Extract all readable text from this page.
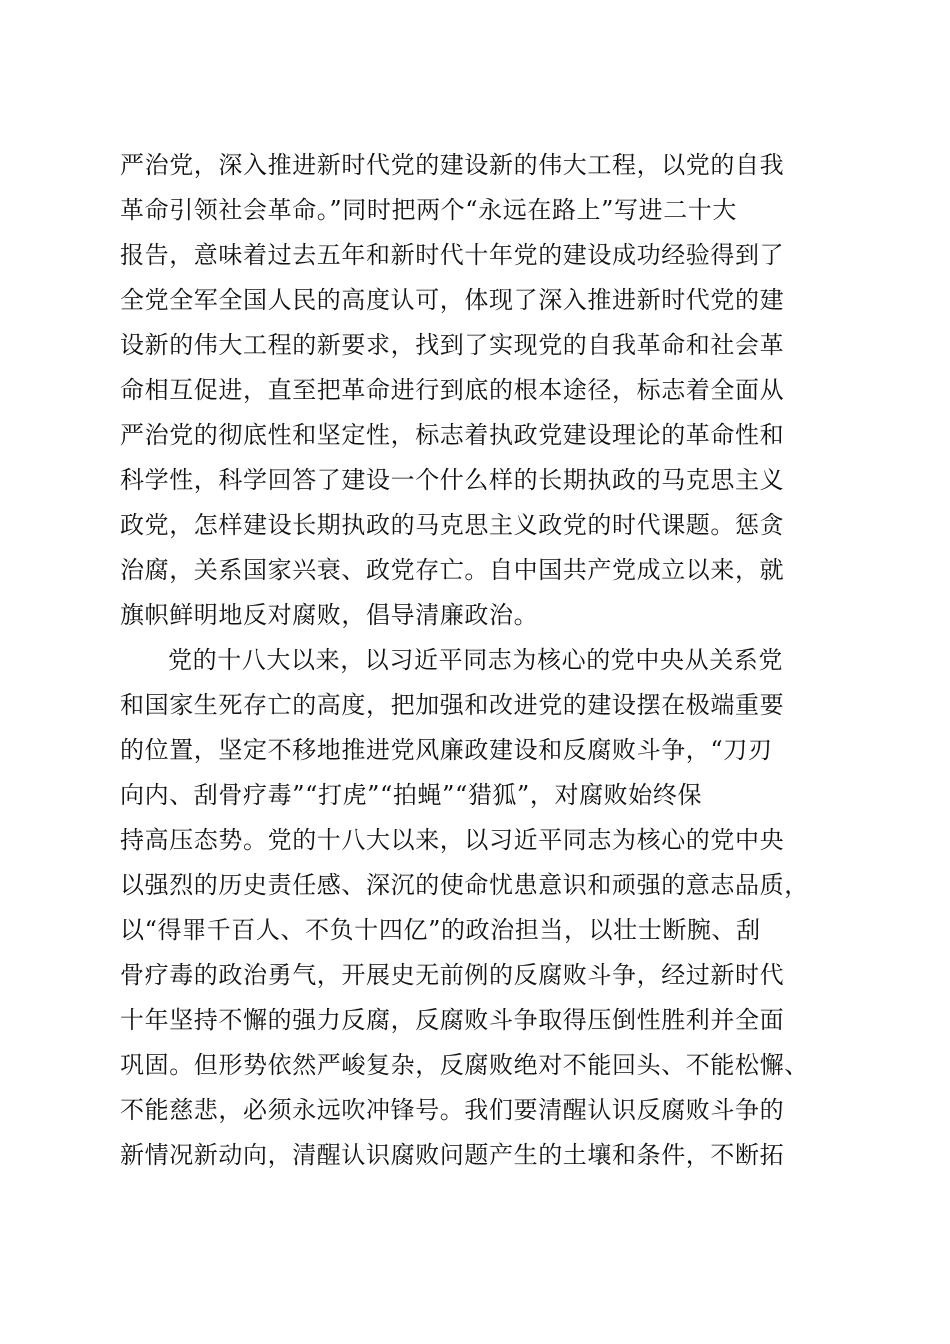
严治党，深入推进新时代党的建设新的伟大工程，以党的自我
革命引领社会革命。”同时把两个“永远在路上”写进二十大
报告，意味着过去五年和新时代十年党的建设成功经验得到了
全党全军全国人民的高度认可，体现了深入推进新时代党的建
设新的伟大工程的新要求，找到了实现党的自我革命和社会革
命相互促进，直至把革命进行到底的根本途径，标志着全面从
严治党的彻底性和坚定性，标志着执政党建设理论的革命性和
科学性，科学回答了建设一个什么样的长期执政的马克思主义
政党，怎样建设长期执政的马克思主义政党的时代课题。惩贪
治腐，关系国家兴衰、政党存亡。自中国共产党成立以来，就
旗帜鲜明地反对腐败，倡导清廉政治。
党的十八大以来，以习近平同志为核心的党中央从关系党
和国家生死存亡的高度，把加强和改进党的建设摆在极端重要
的位置，坚定不移地推进党风廉政建设和反腐败斗争，“刀刃
向内、刮骨疗毒”“打虎”“拍蝇”“猎狐”，对腐败始终保
持高压态势。党的十八大以来，以习近平同志为核心的党中央
以强烈的历史责任感、深沉的使命忧患意识和顽强的意志品质，
以“得罪千百人、不负十四亿”的政治担当，以壮士断腕、刮
骨疗毒的政治勇气，开展史无前例的反腐败斗争，经过新时代
十年坚持不懈的强力反腐，反腐败斗争取得压倒性胜利并全面
巩固。但形势依然严峻复杂，反腐败绝对不能回头、不能松懈、
不能慈悲，必须永远吹冲锋号。我们要清醒认识反腐败斗争的
新情况新动向，清醒认识腐败问题产生的土壤和条件，不断拓
